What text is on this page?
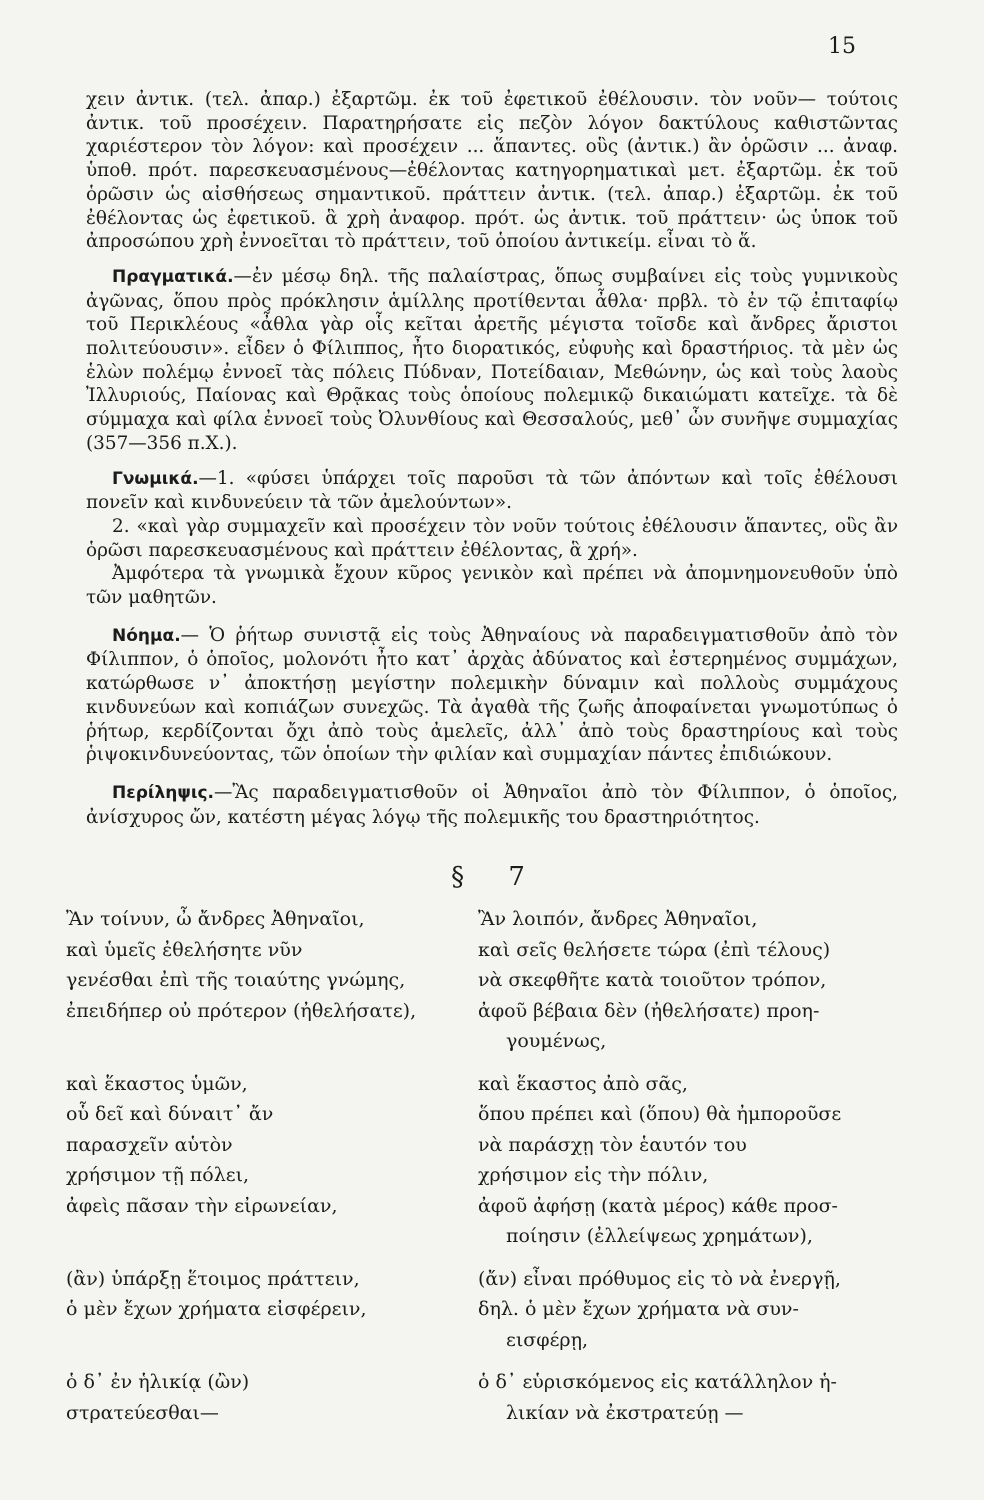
15

χειν ἀντικ. (τελ. ἀπαρ.) ἐξαρτῶμ. ἐκ τοῦ ἐφετικοῦ ἐθέλουσιν. τὸν νοῦν— τούτοις ἀντικ. τοῦ προσέχειν. Παρατηρήσατε εἰς πεζὸν λόγον δακτύλους καθιστῶντας χαριέστερον τὸν λόγον: καὶ προσέχειν ... ἅπαντες. οὓς (ἀντικ.) ἂν ὁρῶσιν ... ἀναφ. ὑποθ. πρότ. παρεσκευασμένους—ἐθέλοντας κατηγορηματικαὶ μετ. ἐξαρτῶμ. ἐκ τοῦ ὁρῶσιν ὡς αἰσθήσεως σημαντικοῦ. πράττειν ἀντικ. (τελ. ἀπαρ.) ἐξαρτῶμ. ἐκ τοῦ ἐθέλοντας ὡς ἐφετικοῦ. ἃ χρὴ ἀναφορ. πρότ. ὡς ἀντικ. τοῦ πράττειν· ὡς ὑποκ τοῦ ἀπροσώπου χρὴ ἐννοεῖται τὸ πράττειν, τοῦ ὁποίου ἀντικείμ. εἶναι τὸ ἅ.

Πραγματικά.—ἐν μέσῳ δηλ. τῆς παλαίστρας, ὅπως συμβαίνει εἰς τοὺς γυμνικοὺς ἀγῶνας, ὅπου πρὸς πρόκλησιν ἁμίλλης προτίθενται ἆθλα· πρβλ. τὸ ἐν τῷ ἐπιταφίῳ τοῦ Περικλέους «ἆθλα γὰρ οἷς κεῖται ἀρετῆς μέγιστα τοῖσδε καὶ ἄνδρες ἄριστοι πολιτεύουσιν». εἶδεν ὁ Φίλιππος, ἦτο διορατικός, εὐφυὴς καὶ δραστήριος. τὰ μὲν ὡς ἑλὼν πολέμῳ ἐννοεῖ τὰς πόλεις Πύδναν, Ποτείδαιαν, Μεθώνην, ὡς καὶ τοὺς λαοὺς Ἰλλυριούς, Παίονας καὶ Θρᾷκας τοὺς ὁποίους πολεμικῷ δικαιώματι κατεῖχε. τὰ δὲ σύμμαχα καὶ φίλα ἐννοεῖ τοὺς Ὀλυνθίους καὶ Θεσσαλούς, μεθ᾽ ὧν συνῆψε συμμαχίας (357—356 π.Χ.).

Γνωμικά.—1. «φύσει ὑπάρχει τοῖς παροῦσι τὰ τῶν ἀπόντων καὶ τοῖς ἐθέλουσι πονεῖν καὶ κινδυνεύειν τὰ τῶν ἀμελούντων».

2. «καὶ γὰρ συμμαχεῖν καὶ προσέχειν τὸν νοῦν τούτοις ἐθέλουσιν ἅπαντες, οὓς ἂν ὁρῶσι παρεσκευασμένους καὶ πράττειν ἐθέλοντας, ἃ χρή».

Ἀμφότερα τὰ γνωμικὰ ἔχουν κῦρος γενικὸν καὶ πρέπει νὰ ἀπομνημονευθοῦν ὑπὸ τῶν μαθητῶν.

Νόημα.— Ὁ ῥήτωρ συνιστᾷ εἰς τοὺς Ἀθηναίους νὰ παραδειγματισθοῦν ἀπὸ τὸν Φίλιππον, ὁ ὁποῖος, μολονότι ἦτο κατ᾽ ἀρχὰς ἀδύνατος καὶ ἐστερημένος συμμάχων, κατώρθωσε ν᾽ ἀποκτήσῃ μεγίστην πολεμικὴν δύναμιν καὶ πολλοὺς συμμάχους κινδυνεύων καὶ κοπιάζων συνεχῶς. Τὰ ἀγαθὰ τῆς ζωῆς ἀποφαίνεται γνωμοτύπως ὁ ῥήτωρ, κερδίζονται ὄχι ἀπὸ τοὺς ἀμελεῖς, ἀλλ᾽ ἀπὸ τοὺς δραστηρίους καὶ τοὺς ῥιψοκινδυνεύοντας, τῶν ὁποίων τὴν φιλίαν καὶ συμμαχίαν πάντες ἐπιδιώκουν.

Περίληψις.—Ἂς παραδειγματισθοῦν οἱ Ἀθηναῖοι ἀπὸ τὸν Φίλιππον, ὁ ὁποῖος, ἀνίσχυρος ὤν, κατέστη μέγας λόγῳ τῆς πολεμικῆς του δραστηριότητος.

§ 7
Ἂν τοίνυν, ὦ ἄνδρες Ἀθηναῖοι,	Ἂν λοιπόν, ἄνδρες Ἀθηναῖοι,
καὶ ὑμεῖς ἐθελήσητε νῦν	καὶ σεῖς θελήσετε τώρα (ἐπὶ τέλους)
γενέσθαι ἐπὶ τῆς τοιαύτης γνώμης,	νὰ σκεφθῆτε κατὰ τοιοῦτον τρόπον,
ἐπειδήπερ οὐ πρότερον (ἠθελήσατε),	ἀφοῦ βέβαια δὲν (ἠθελήσατε) προη-
γουμένως,
καὶ ἕκαστος ὑμῶν,	καὶ ἕκαστος ἀπὸ σᾶς,
οὗ δεῖ καὶ δύναιτ᾽ ἄν	ὅπου πρέπει καὶ (ὅπου) θὰ ἠμποροῦσε
παρασχεῖν αὑτὸν	νὰ παράσχῃ τὸν ἑαυτόν του
χρήσιμον τῇ πόλει,	χρήσιμον εἰς τὴν πόλιν,
ἀφεὶς πᾶσαν τὴν εἰρωνείαν,	ἀφοῦ ἀφήσῃ (κατὰ μέρος) κάθε προσ-
ποίησιν (ἐλλείψεως χρημάτων),
(ἂν) ὑπάρξῃ ἕτοιμος πράττειν,	(ἄν) εἶναι πρόθυμος εἰς τὸ νὰ ἐνεργῇ,
ὁ μὲν ἔχων χρήματα εἰσφέρειν,	δηλ. ὁ μὲν ἔχων χρήματα νὰ συν-
εισφέρῃ,
ὁ δ᾽ ἐν ἡλικίᾳ (ὢν)	ὁ δ᾽ εὑρισκόμενος εἰς κατάλληλον ἡ-
στρατεύεσθαι—	λικίαν νὰ ἐκστρατεύῃ —
